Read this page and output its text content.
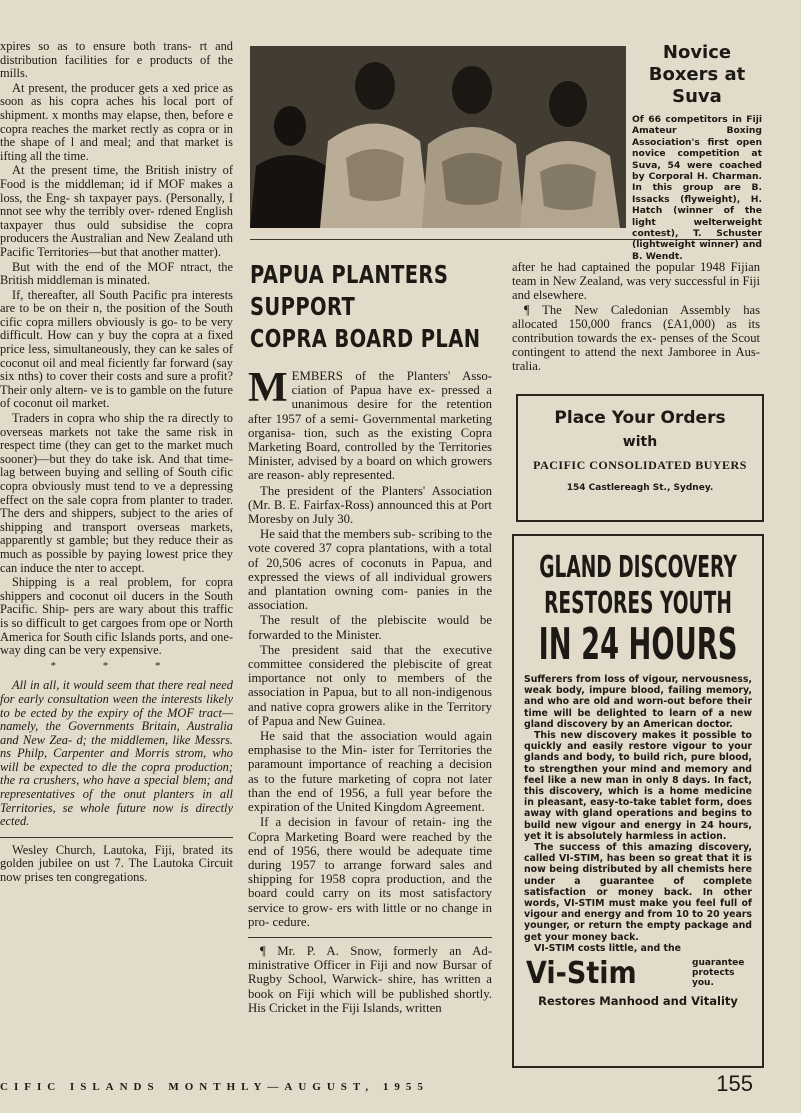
xpires so as to ensure both trans- rt and distribution facilities for e products of the mills.

At present, the producer gets a xed price as soon as his copra aches his local port of shipment. x months may elapse, then, before e copra reaches the market rectly as copra or in the shape of l and meal; and that market is ifting all the time.

At the present time, the British inistry of Food is the middleman; id if MOF makes a loss, the Eng- sh taxpayer pays. (Personally, I nnot see why the terribly over- rdened English taxpayer thus ould subsidise the copra producers the Australian and New Zealand uth Pacific Territories—but that another matter).

But with the end of the MOF ntract, the British middleman is minated.

If, thereafter, all South Pacific pra interests are to be on their n, the position of the South cific copra millers obviously is go- to be very difficult. How can y buy the copra at a fixed price less, simultaneously, they can ke sales of coconut oil and meal ficiently far forward (say six nths) to cover their costs and sure a profit? Their only altern- ve is to gamble on the future of coconut oil market.

Traders in copra who ship the ra directly to overseas markets not take the same risk in respect time (they can get to the market much sooner)—but they do take isk. And that time-lag between buying and selling of South cific copra obviously must tend to ve a depressing effect on the sale copra from planter to trader. The ders and shippers, subject to the aries of shipping and transport overseas markets, apparently st gamble; but they reduce their as much as possible by paying lowest price they can induce the nter to accept.

Shipping is a real problem, for copra shippers and coconut oil ducers in the South Pacific. Ship- pers are wary about this traffic is so difficult to get cargoes from ope or North America for South cific Islands ports, and one-way ding can be very expensive.

* * *

All in all, it would seem that there real need for early consultation ween the interests likely to be ected by the expiry of the MOF tract—namely, the Governments Britain, Australia and New Zea- d; the middlemen, like Messrs. ns Philp, Carpenter and Morris strom, who will be expected to dle the copra production; the ra crushers, who have a special blem; and representatives of the onut planters in all Territories, se whole future now is directly ected.

Wesley Church, Lautoka, Fiji, brated its golden jubilee on ust 7. The Lautoka Circuit now prises ten congregations.

Novice Boxers at Suva
Of 66 competitors in Fiji Amateur Boxing Association's first open novice competition at Suva, 54 were coached by Corporal H. Charman. In this group are B. Issacks (flyweight), H. Hatch (winner of the light welterweight contest), T. Schuster (lightweight winner) and B. Wendt.
PAPUA PLANTERS
SUPPORT
COPRA BOARD PLAN

MEMBERS of the Planters' Asso- ciation of Papua have ex- pressed a unanimous desire for the retention after 1957 of a semi- Governmental marketing organisa- tion, such as the existing Copra Marketing Board, controlled by the Territories Minister, advised by a board on which growers are reason- ably represented.

The president of the Planters' Association (Mr. B. E. Fairfax-Ross) announced this at Port Moresby on July 30.

He said that the members sub- scribing to the vote covered 37 copra plantations, with a total of 20,506 acres of coconuts in Papua, and expressed the views of all individual growers and plantation owning com- panies in the association.

The result of the plebiscite would be forwarded to the Minister.

The president said that the executive committee considered the plebiscite of great importance not only to members of the association in Papua, but to all non-indigenous and native copra growers alike in the Territory of Papua and New Guinea.

He said that the association would again emphasise to the Min- ister for Territories the paramount importance of reaching a decision as to the future marketing of copra not later than the end of 1956, a full year before the expiration of the United Kingdom Agreement.

If a decision in favour of retain- ing the Copra Marketing Board were reached by the end of 1956, there would be adequate time during 1957 to arrange forward sales and shipping for 1958 copra production, and the board could carry on its most satisfactory service to grow- ers with little or no change in pro- cedure.

¶ Mr. P. A. Snow, formerly an Ad- ministrative Officer in Fiji and now Bursar of Rugby School, Warwick- shire, has written a book on Fiji which will be published shortly. His Cricket in the Fiji Islands, written

after he had captained the popular 1948 Fijian team in New Zealand, was very successful in Fiji and elsewhere.

¶ The New Caledonian Assembly has allocated 150,000 francs (£A1,000) as its contribution towards the ex- penses of the Scout contingent to attend the next Jamboree in Aus- tralia.

Place Your Orders
with
PACIFIC CONSOLIDATED BUYERS
154 Castlereagh St., Sydney.
GLAND DISCOVERY
RESTORES YOUTH
IN 24 HOURS
Sufferers from loss of vigour, nervousness, weak body, impure blood, failing memory, and who are old and worn-out before their time will be delighted to learn of a new gland discovery by an American doctor.
This new discovery makes it possible to quickly and easily restore vigour to your glands and body, to build rich, pure blood, to strengthen your mind and memory and feel like a new man in only 8 days. In fact, this discovery, which is a home medicine in pleasant, easy-to-take tablet form, does away with gland operations and begins to build new vigour and energy in 24 hours, yet it is absolutely harmless in action.
The success of this amazing discovery, called VI-STIM, has been so great that it is now being distributed by all chemists here under a guarantee of complete satisfaction or money back. In other words, VI-STIM must make you feel full of vigour and energy and from 10 to 20 years younger, or return the empty package and get your money back.
VI-STIM costs little, and the
Vi-Stim	guarantee protects you.
Restores Manhood and Vitality
CIFIC ISLANDS MONTHLY—AUGUST, 1955	155
